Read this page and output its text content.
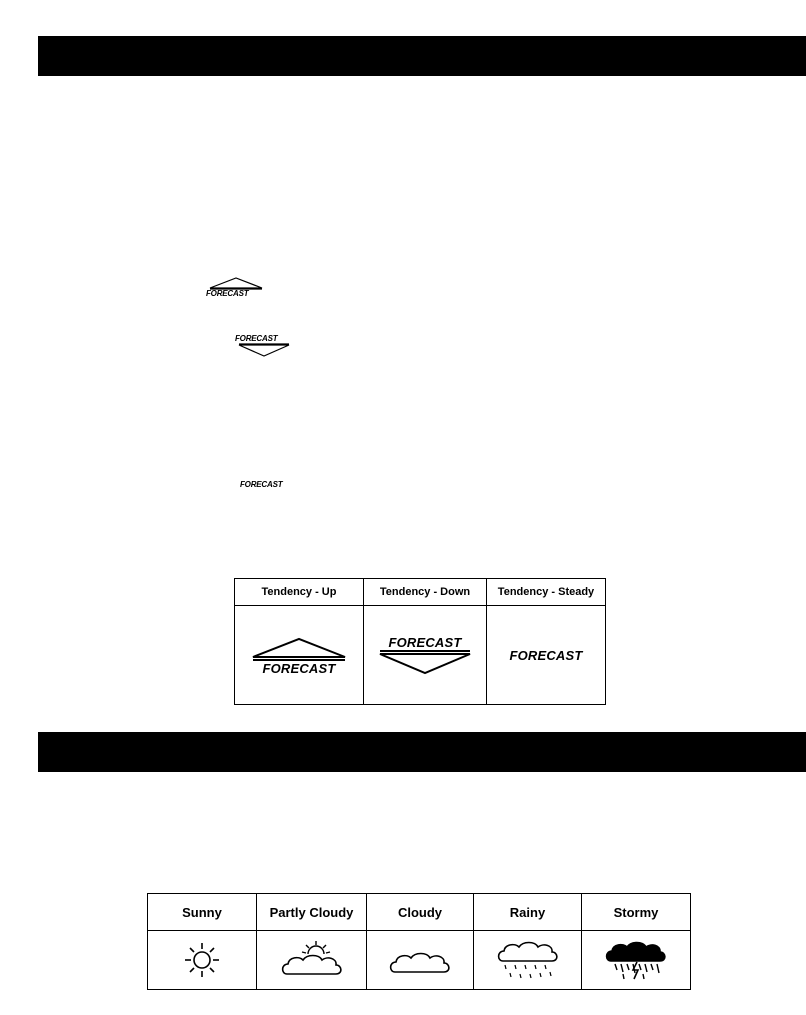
FORECAST
FORECAST
FORECAST
Tendency - Up	Tendency - Down	Tendency - Steady

FORECAST	FORECAST	FORECAST
Sunny	Partly Cloudy	Cloudy	Rainy	Stormy
